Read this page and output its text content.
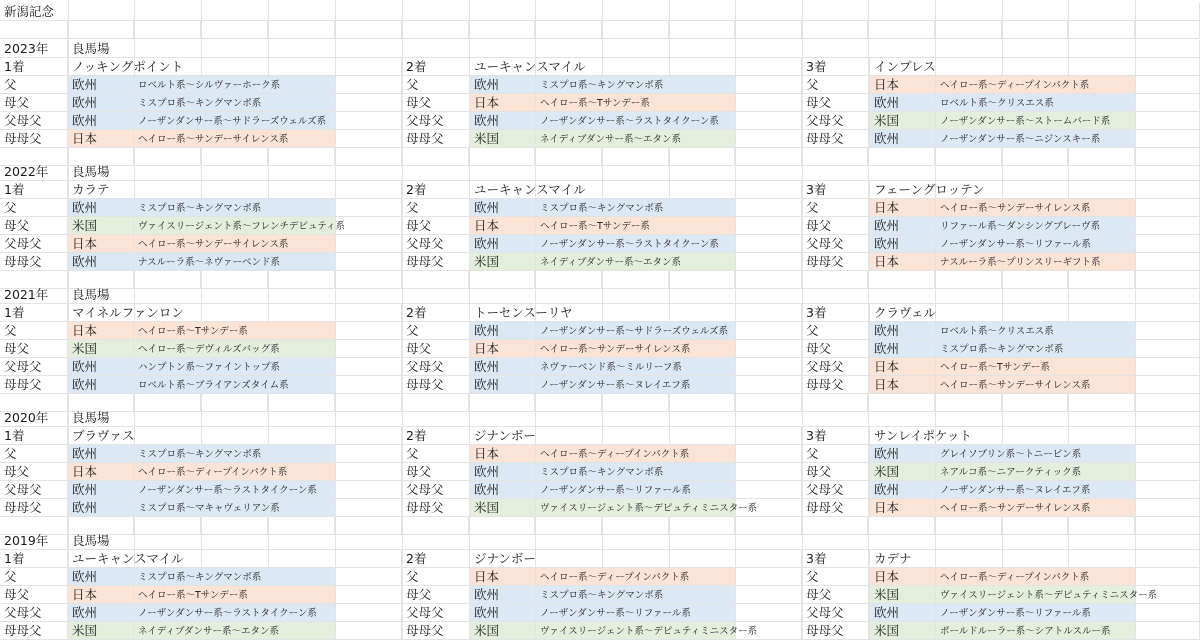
新潟記念
2023年 良馬場
1着	ノッキングポイント	2着	ユーキャンスマイル	3着	インプレス
父	欧州	ロベルト系～シルヴァーホーク系	父	欧州	ミスプロ系～キングマンボ系	父	日本	ヘイロー系～ディープインパクト系
母父	欧州	ミスプロ系～キングマンボ系	母父	日本	ヘイロー系～Tサンデー系	母父	欧州	ロベルト系～クリスエス系
父母父 欧州	ノーザンダンサー系～サドラーズウェルズ系	父母父 欧州	ノーザンダンサー系～ラストタイクーン系	父母父 米国	ノーザンダンサー系～ストームバード系
母母父 日本	ヘイロー系～サンデーサイレンス系	母母父 米国	ネイディブダンサー系～エタン系	母母父 欧州	ノーザンダンサー系～ニジンスキー系
2022年 良馬場
1着	カラテ	2着	ユーキャンスマイル	3着	フェーングロッテン
父	欧州	ミスプロ系～キングマンボ系	父	欧州	ミスプロ系～キングマンボ系	父	日本	ヘイロー系～サンデーサイレンス系
母父	米国	ヴァイスリージェント系～フレンチデピュティ系	母父	日本	ヘイロー系～Tサンデー系	母父	欧州	リファール系～ダンシングブレーヴ系
父母父 日本	ヘイロー系～サンデーサイレンス系	父母父 欧州	ノーザンダンサー系～ラストタイクーン系	父母父 欧州	ノーザンダンサー系～リファール系
母母父 欧州	ナスルーラ系～ネヴァーベンド系	母母父 米国	ネイディブダンサー系～エタン系	母母父 日本	ナスルーラ系～プリンスリーギフト系
2021年 良馬場
1着	マイネルファンロン	2着	トーセンスーリヤ	3着	クラヴェル
父	日本	ヘイロー系～Tサンデー系	父	欧州	ノーザンダンサー系～サドラーズウェルズ系	父	欧州	ロベルト系～クリスエス系
母父	米国	ヘイロー系～デヴィルズバッグ系	母父	日本	ヘイロー系～サンデーサイレンス系	母父	欧州	ミスプロ系～キングマンボ系
父母父 欧州	ハンプトン系～ファイントップ系	父母父 欧州	ネヴァーベンド系～ミルリーフ系	父母父 日本	ヘイロー系～Tサンデー系
母母父 欧州	ロベルト系～ブライアンズタイム系	母母父 欧州	ノーザンダンサー系～ヌレイエフ系	母母父 日本	ヘイロー系～サンデーサイレンス系
2020年 良馬場
1着	ブラヴァス	2着	ジナンボー	3着	サンレイポケット
父	欧州	ミスプロ系～キングマンボ系	父	日本	ヘイロー系～ディープインパクト系	父	欧州	グレイソブリン系～トニービン系
母父	日本	ヘイロー系～ディープインパクト系	母父	欧州	ミスプロ系～キングマンボ系	母父	米国	ネアルコ系～ニアークティック系
父母父 欧州	ノーザンダンサー系～ラストタイクーン系	父母父 欧州	ノーザンダンサー系～リファール系	父母父 欧州	ノーザンダンサー系～ヌレイエフ系
母母父 欧州	ミスプロ系～マキャヴェリアン系	母母父 米国	ヴァイスリージェント系～デピュティミニスター系	母母父 日本	ヘイロー系～サンデーサイレンス系
2019年 良馬場
1着	ユーキャンスマイル	2着	ジナンボー	3着	カデナ
父	欧州	ミスプロ系～キングマンボ系	父	日本	ヘイロー系～ディープインパクト系	父	日本	ヘイロー系～ディープインパクト系
母父	日本	ヘイロー系～Tサンデー系	母父	欧州	ミスプロ系～キングマンボ系	母父	米国	ヴァイスリージェント系～デピュティミニスター系
父母父 欧州	ノーザンダンサー系～ラストタイクーン系	父母父 欧州	ノーザンダンサー系～リファール系	父母父 欧州	ノーザンダンサー系～リファール系
母母父 米国	ネイディブダンサー系～エタン系	母母父 米国	ヴァイスリージェント系～デピュティミニスター系	母母父 米国	ボールドルーラー系～シアトルスルー系
